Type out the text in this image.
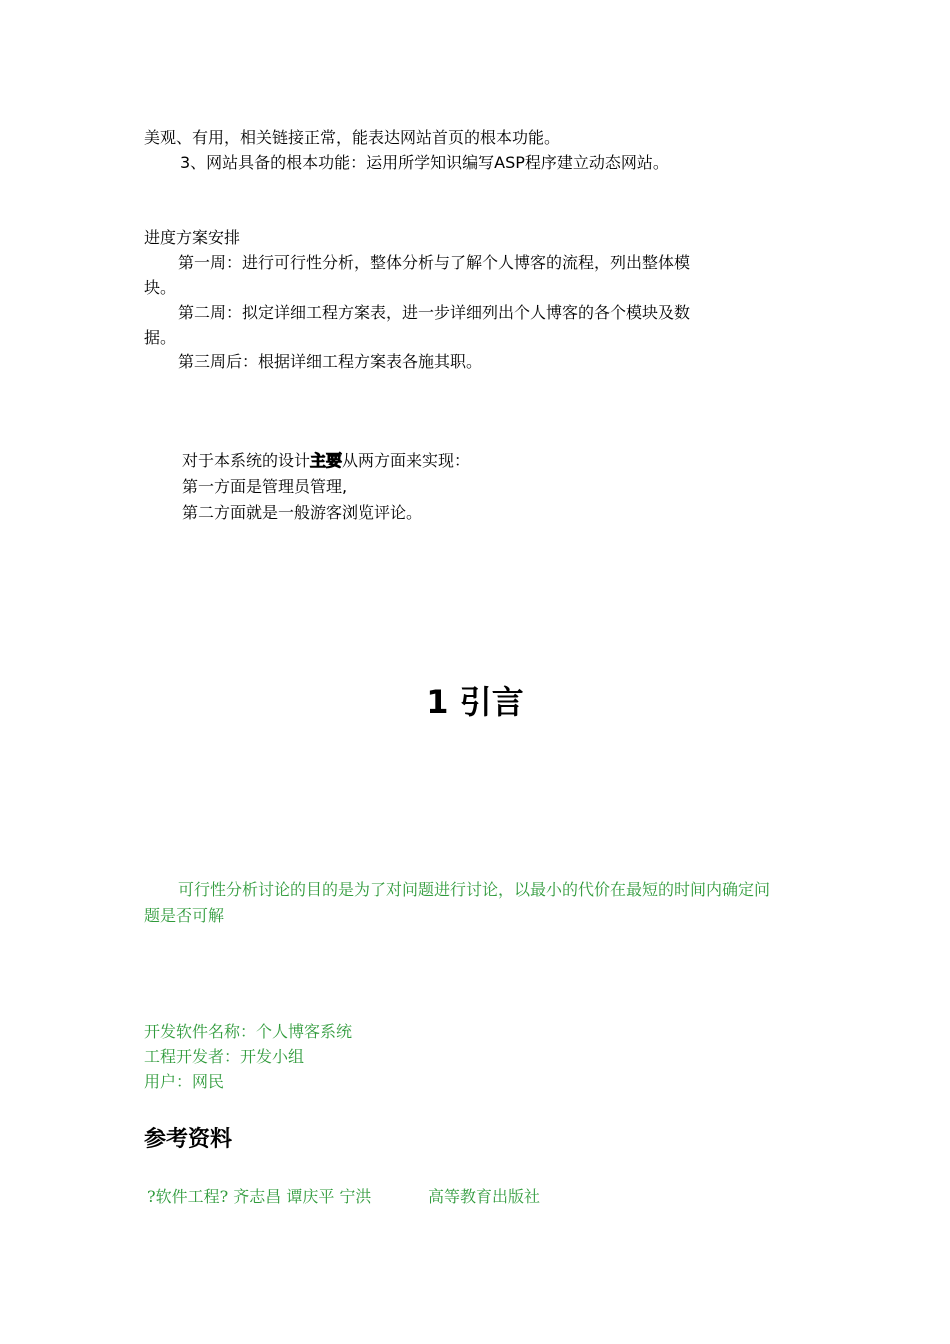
美观、有用，相关链接正常，能表达网站首页的根本功能。
3、网站具备的根本功能：运用所学知识编写ASP程序建立动态网站。
进度方案安排
第一周：进行可行性分析，整体分析与了解个人博客的流程，列出整体模
块。
第二周：拟定详细工程方案表，进一步详细列出个人博客的各个模块及数
据。
第三周后：根据详细工程方案表各施其职。
对于本系统的设计主要从两方面来实现：
第一方面是管理员管理,
第二方面就是一般游客浏览评论。
1 引言
可行性分析讨论的目的是为了对问题进行讨论，以最小的代价在最短的时间内确定问
题是否可解
开发软件名称：个人博客系统
工程开发者：开发小组
用户：网民
参考资料
?软件工程? 齐志昌 谭庆平 宁洪	高等教育出版社
